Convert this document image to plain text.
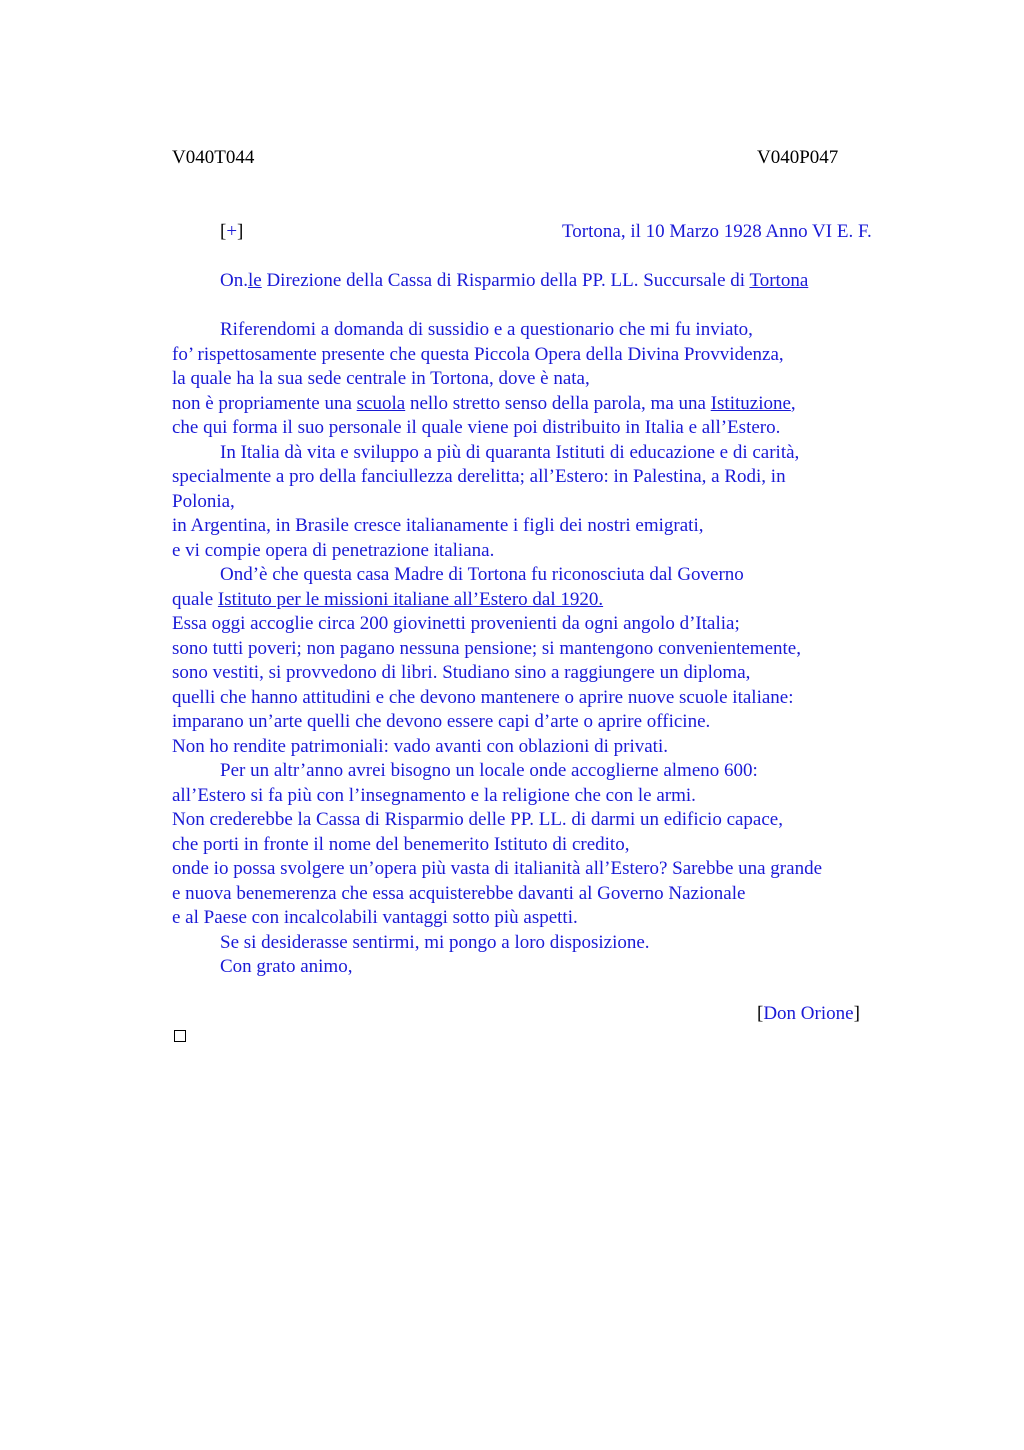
V040T044	V040P047
[+]	Tortona, il 10 Marzo 1928 Anno VI E. F.
On.le Direzione della Cassa di Risparmio della PP. LL. Succursale di Tortona
Riferendomi a domanda di sussidio e a questionario che mi fu inviato,
fo’ rispettosamente presente che questa Piccola Opera della Divina Provvidenza,
la quale ha la sua sede centrale in Tortona, dove è nata,
non è propriamente una scuola nello stretto senso della parola, ma una Istituzione,
che qui forma il suo personale il quale viene poi distribuito in Italia e all’Estero.
In Italia dà vita e sviluppo a più di quaranta Istituti di educazione e di carità,
specialmente a pro della fanciullezza derelitta; all’Estero: in Palestina, a Rodi, in
Polonia,
in Argentina, in Brasile cresce italianamente i figli dei nostri emigrati,
e vi compie opera di penetrazione italiana.
Ond’è che questa casa Madre di Tortona fu riconosciuta dal Governo
quale Istituto per le missioni italiane all’Estero dal 1920.
Essa oggi accoglie circa 200 giovinetti provenienti da ogni angolo d’Italia;
sono tutti poveri; non pagano nessuna pensione; si mantengono convenientemente,
sono vestiti, si provvedono di libri. Studiano sino a raggiungere un diploma,
quelli che hanno attitudini e che devono mantenere o aprire nuove scuole italiane:
imparano un’arte quelli che devono essere capi d’arte o aprire officine.
Non ho rendite patrimoniali: vado avanti con oblazioni di privati.
Per un altr’anno avrei bisogno un locale onde accoglierne almeno 600:
all’Estero si fa più con l’insegnamento e la religione che con le armi.
Non crederebbe la Cassa di Risparmio delle PP. LL. di darmi un edificio capace,
che porti in fronte il nome del benemerito Istituto di credito,
onde io possa svolgere un’opera più vasta di italianità all’Estero? Sarebbe una grande
e nuova benemerenza che essa acquisterebbe davanti al Governo Nazionale
e al Paese con incalcolabili vantaggi sotto più aspetti.
Se si desiderasse sentirmi, mi pongo a loro disposizione.
Con grato animo,
[Don Orione]
